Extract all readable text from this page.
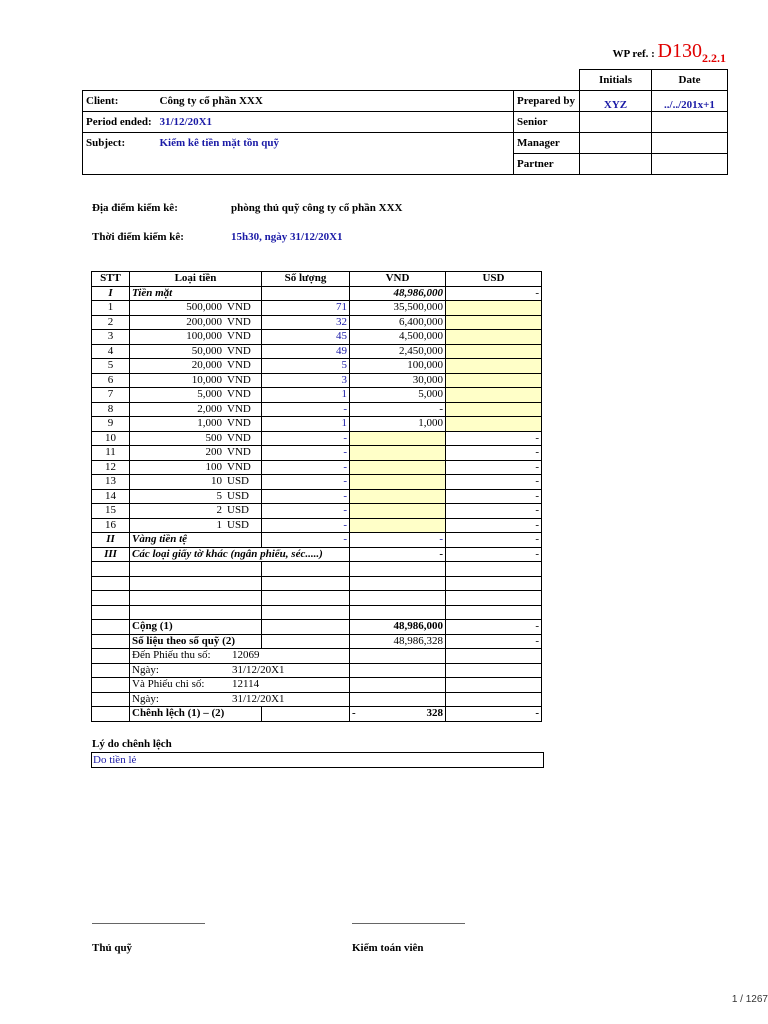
WP ref. : D1302.2.1
			Initials	Date
Client:	Công ty cổ phần XXX	Prepared by	XYZ	../../201x+1
Period ended:	31/12/20X1	Senior		
Subject:	Kiểm kê tiền mặt tồn quỹ	Manager		
		Partner		
Địa điểm kiểm kê:	phòng thủ quỹ công ty cổ phần XXX
Thời điểm kiểm kê:	15h30, ngày 31/12/20X1
STT	Loại tiền	Số lượng	VND	USD
I	Tiền mặt		48,986,000	-
1	500,000 VND	71	35,500,000	
2	200,000 VND	32	6,400,000	
3	100,000 VND	45	4,500,000	
4	50,000 VND	49	2,450,000	
5	20,000 VND	5	100,000	
6	10,000 VND	3	30,000	
7	5,000 VND	1	5,000	
8	2,000 VND	-	-	
9	1,000 VND	1	1,000	
10	500 VND	-		-
11	200 VND	-		-
12	100 VND	-		-
13	10 USD	-		-
14	5 USD	-		-
15	2 USD	-		-
16	1 USD	-		-
II	Vàng tiền tệ	-	-	-
III	Các loại giấy tờ khác (ngân phiếu, séc.....)		-	-

	Cộng (1)		48,986,000	-
	Số liệu theo sổ quỹ (2)		48,986,328	-
	Đến Phiếu thu số: 12069			
	Ngày: 31/12/20X1			
	Và Phiếu chi số: 12114			
	Ngày: 31/12/20X1			
	Chênh lệch (1) – (2)		- 328	-
Lý do chênh lệch
Do tiền lẻ
Thủ quỹ	Kiểm toán viên
1 / 1267
